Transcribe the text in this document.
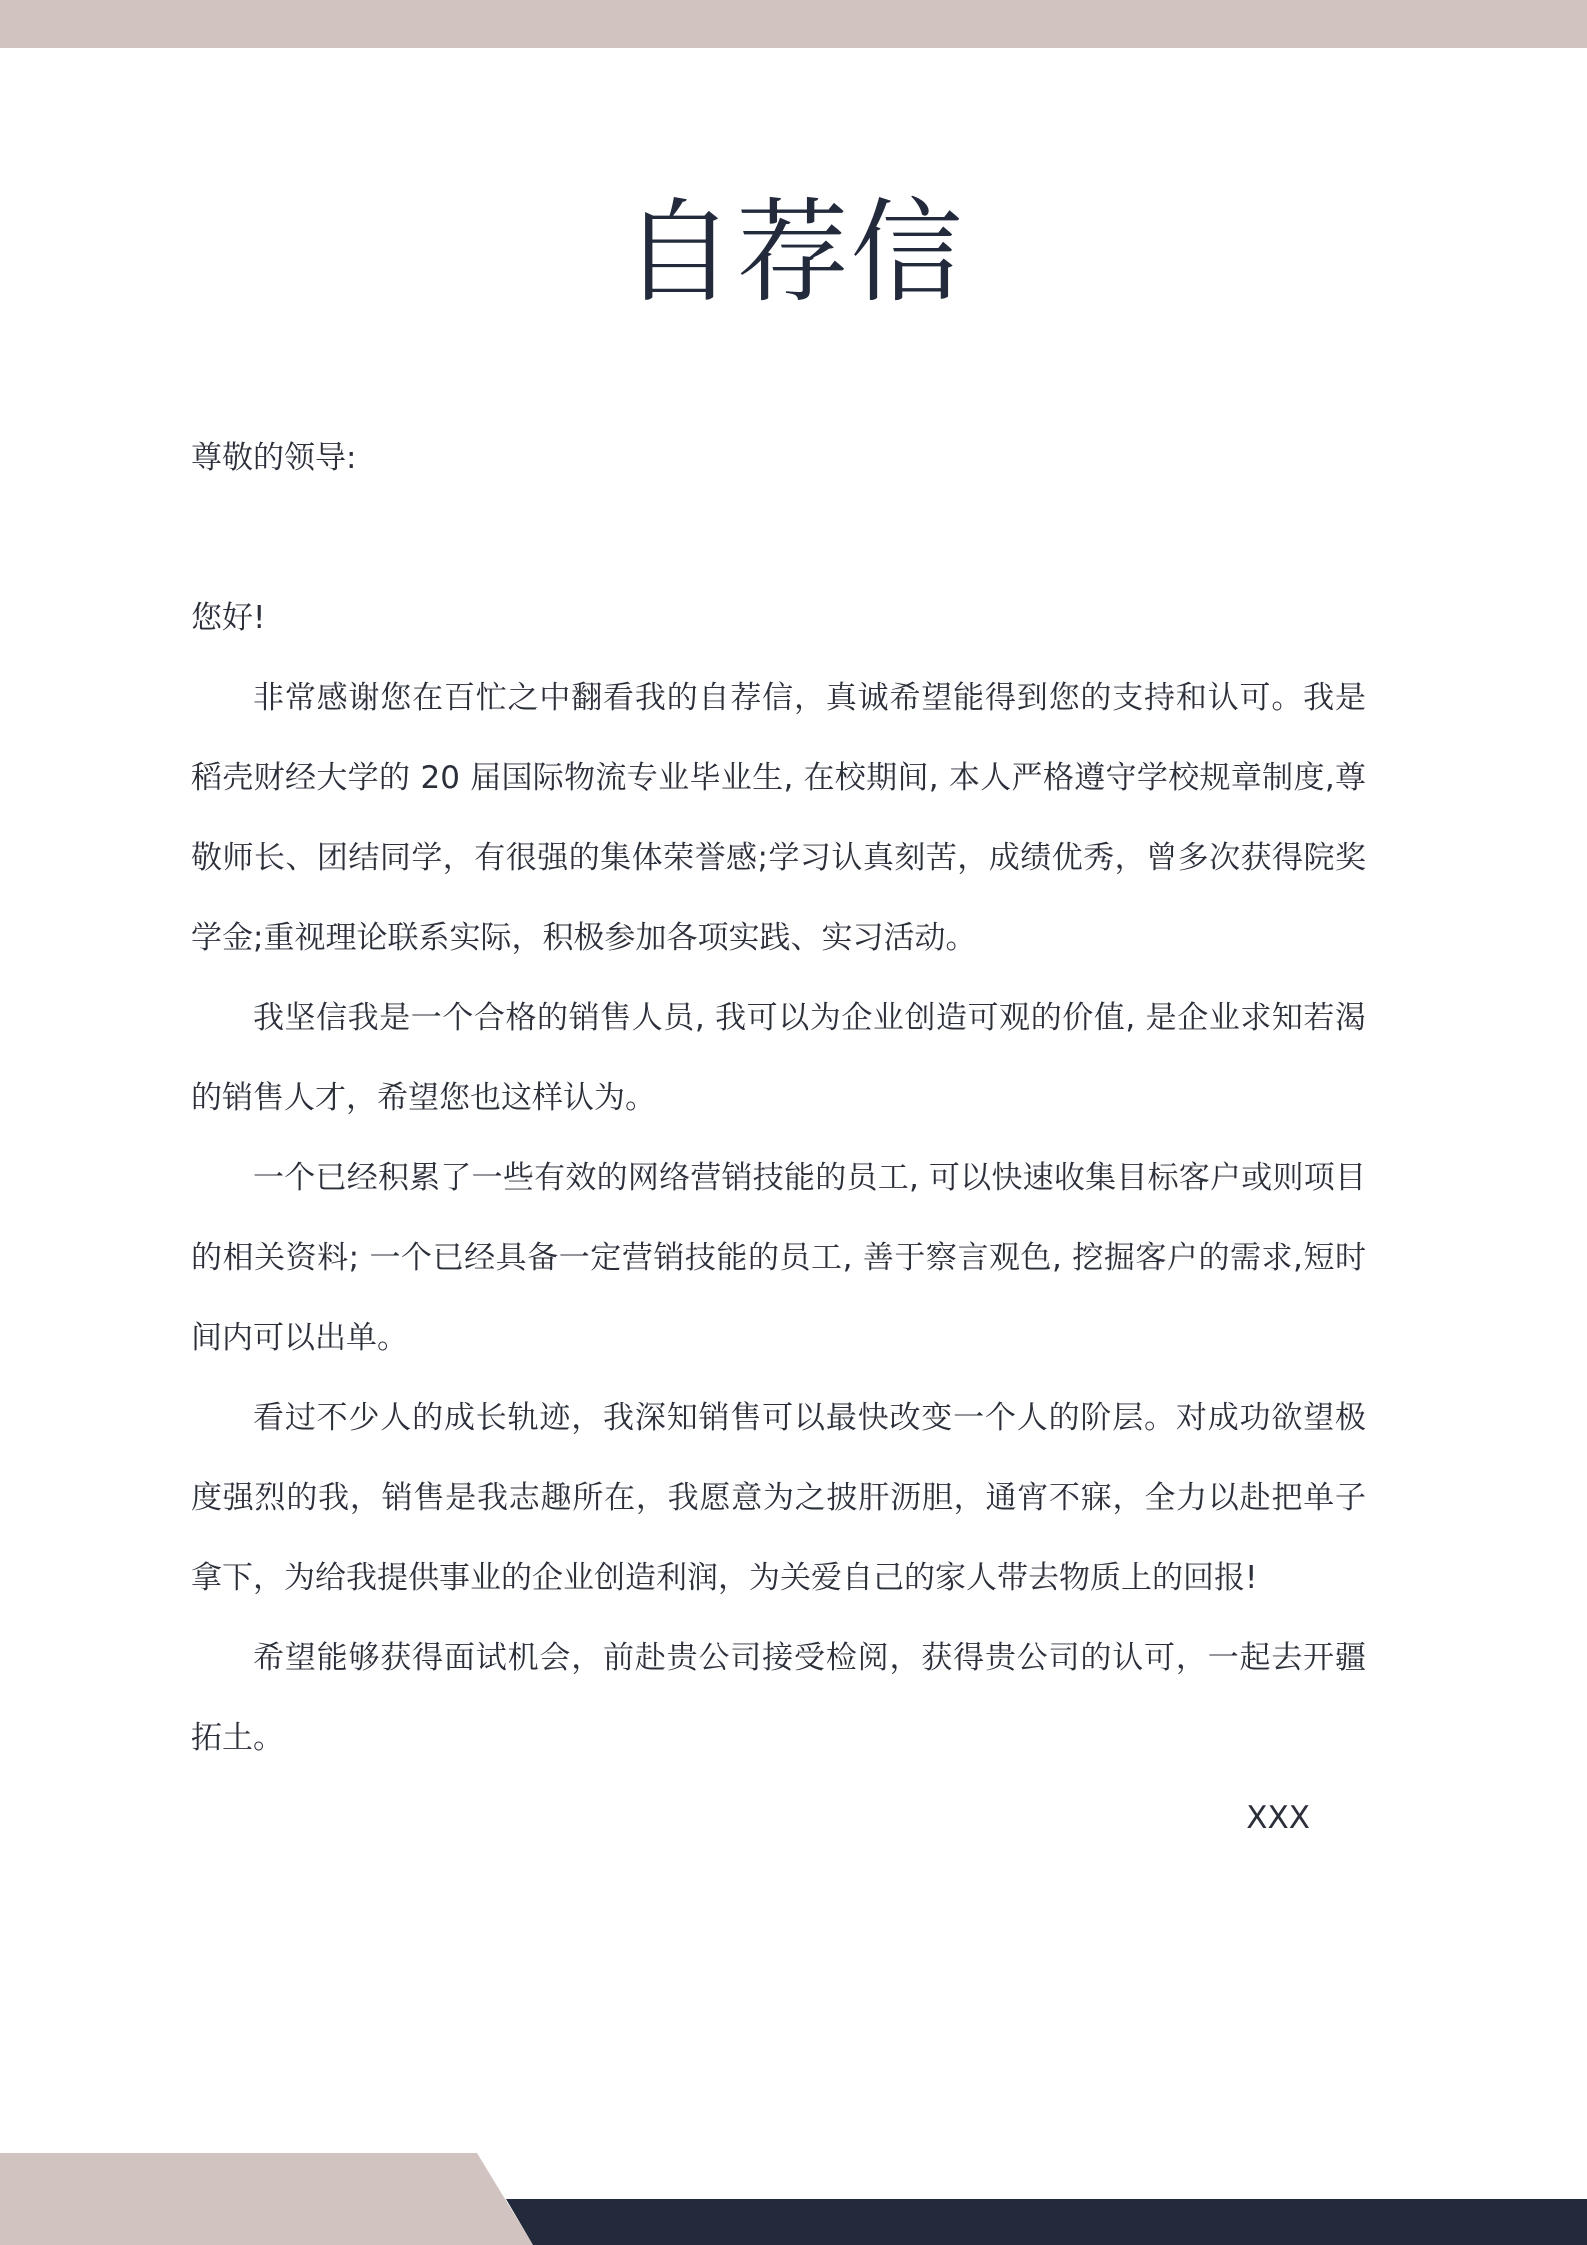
自荐信

尊敬的领导:

您好!

非常感谢您在百忙之中翻看我的自荐信，真诚希望能得到您的支持和认可。我是稻壳财经大学的 20 届国际物流专业毕业生, 在校期间, 本人严格遵守学校规章制度,尊敬师长、团结同学，有很强的集体荣誉感;学习认真刻苦，成绩优秀，曾多次获得院奖学金;重视理论联系实际，积极参加各项实践、实习活动。

我坚信我是一个合格的销售人员, 我可以为企业创造可观的价值, 是企业求知若渴的销售人才，希望您也这样认为。

一个已经积累了一些有效的网络营销技能的员工, 可以快速收集目标客户或则项目的相关资料; 一个已经具备一定营销技能的员工, 善于察言观色, 挖掘客户的需求,短时间内可以出单。

看过不少人的成长轨迹，我深知销售可以最快改变一个人的阶层。对成功欲望极度强烈的我，销售是我志趣所在，我愿意为之披肝沥胆，通宵不寐，全力以赴把单子拿下，为给我提供事业的企业创造利润，为关爱自己的家人带去物质上的回报!

希望能够获得面试机会，前赴贵公司接受检阅，获得贵公司的认可，一起去开疆拓土。

XXX
